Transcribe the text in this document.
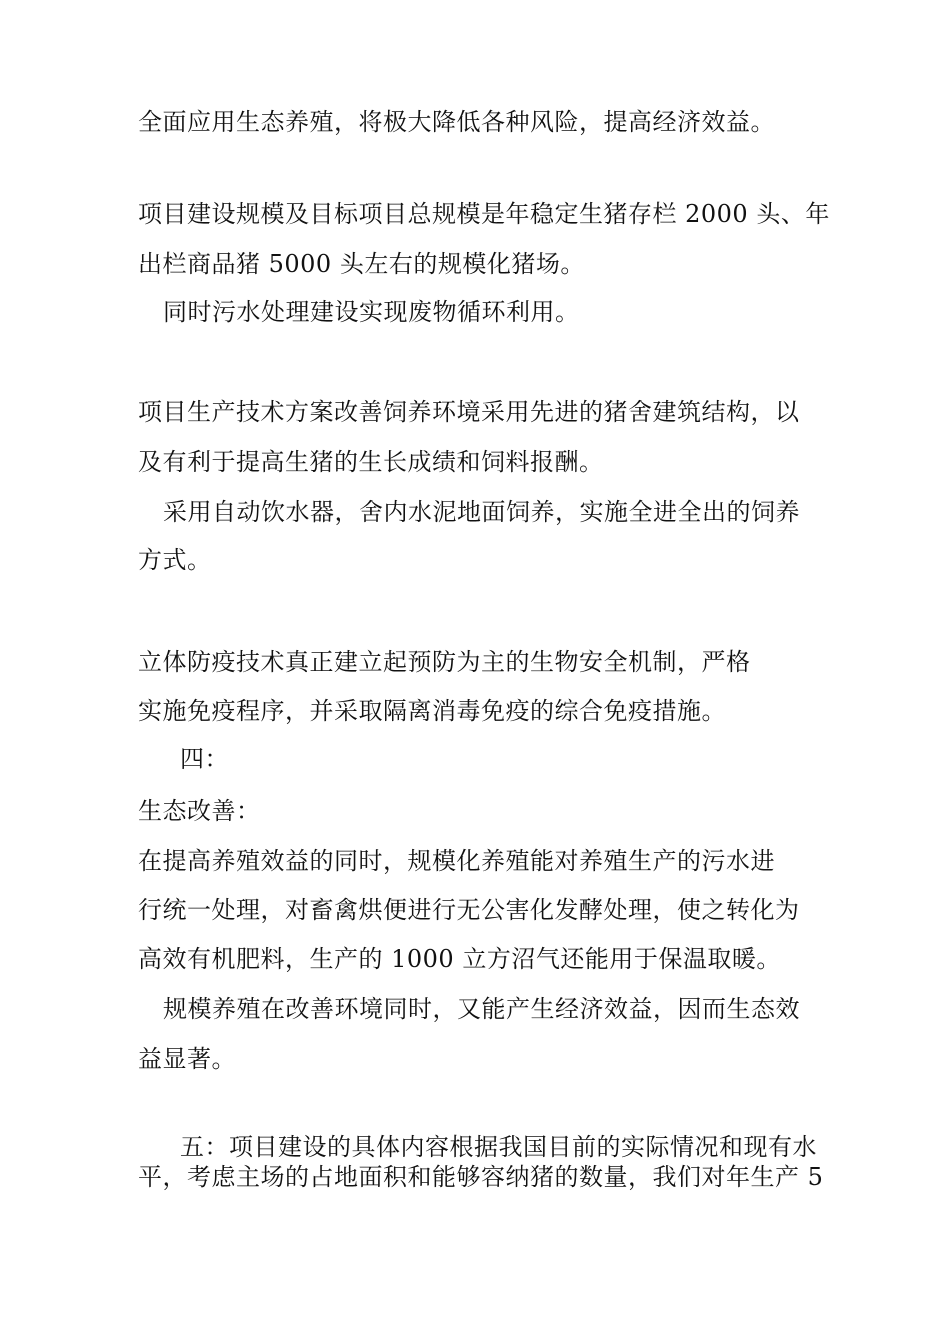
全面应用生态养殖，将极大降低各种风险，提高经济效益。
项目建设规模及目标项目总规模是年稳定生猪存栏 2000 头、年
出栏商品猪 5000 头左右的规模化猪场。
同时污水处理建设实现废物循环利用。
项目生产技术方案改善饲养环境采用先进的猪舍建筑结构，以
及有利于提高生猪的生长成绩和饲料报酬。
采用自动饮水器，舍内水泥地面饲养，实施全进全出的饲养
方式。
立体防疫技术真正建立起预防为主的生物安全机制，严格
实施免疫程序，并采取隔离消毒免疫的综合免疫措施。
四：
生态改善：
在提高养殖效益的同时，规模化养殖能对养殖生产的污水进
行统一处理，对畜禽烘便进行无公害化发酵处理，使之转化为
高效有机肥料，生产的 1000 立方沼气还能用于保温取暖。
规模养殖在改善环境同时，又能产生经济效益，因而生态效
益显著。
五：项目建设的具体内容根据我国目前的实际情况和现有水
平，考虑主场的占地面积和能够容纳猪的数量，我们对年生产 5
